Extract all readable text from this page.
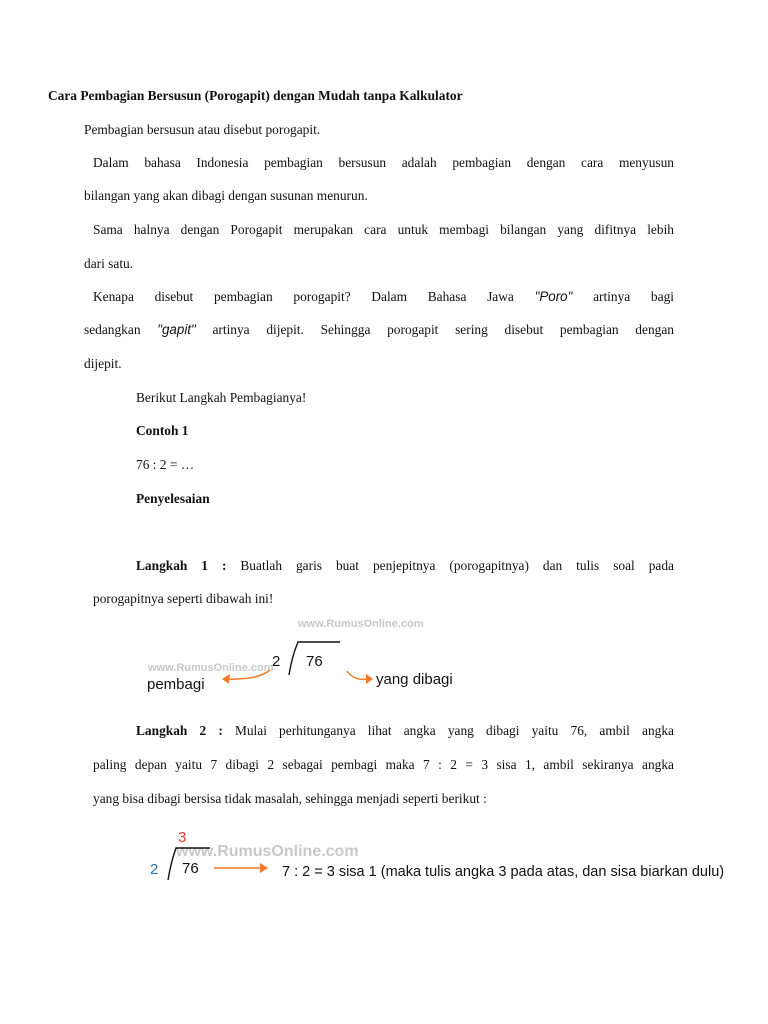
Cara Pembagian Bersusun (Porogapit) dengan Mudah tanpa Kalkulator
Pembagian bersusun atau disebut porogapit.
Dalam bahasa Indonesia pembagian bersusun adalah pembagian dengan cara menyusun
bilangan yang akan dibagi dengan susunan menurun.
Sama halnya dengan Porogapit merupakan cara untuk membagi bilangan yang difitnya lebih
dari satu.
Kenapa disebut pembagian porogapit? Dalam Bahasa Jawa "Poro" artinya bagi
sedangkan "gapit" artinya dijepit. Sehingga porogapit sering disebut pembagian dengan
dijepit.
Berikut Langkah Pembagianya!
Contoh 1
76 : 2 = …
Penyelesaian
Langkah 1 : Buatlah garis buat penjepitnya (porogapitnya) dan tulis soal pada
porogapitnya seperti dibawah ini!
www.RumusOnline.com
www.RumusOnline.com
2 76
pembagi	yang dibagi
Langkah 2 : Mulai perhitunganya lihat angka yang dibagi yaitu 76, ambil angka
paling depan yaitu 7 dibagi 2 sebagai pembagi maka 7 : 2 = 3 sisa 1, ambil sekiranya angka
yang bisa dibagi bersisa tidak masalah, sehingga menjadi seperti berikut :
www.RumusOnline.com
3
2 76	7 : 2 = 3 sisa 1 (maka tulis angka 3 pada atas, dan sisa biarkan dulu)
